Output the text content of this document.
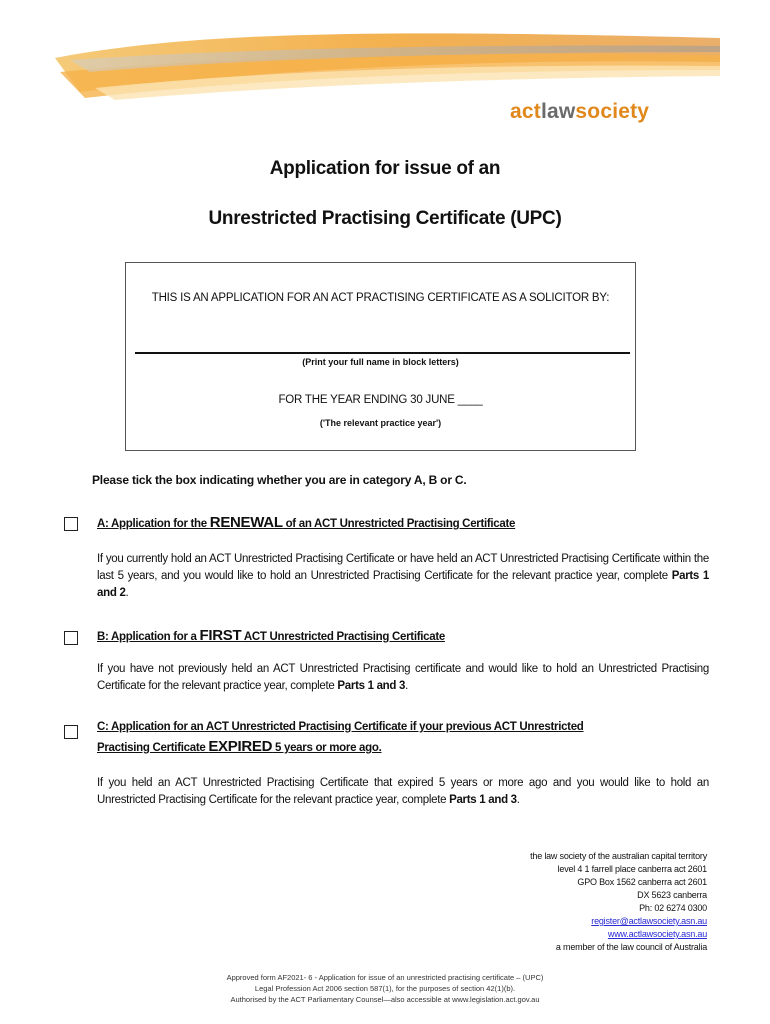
actlawsociety
Application for issue of an
Unrestricted Practising Certificate (UPC)
THIS IS AN APPLICATION FOR AN ACT PRACTISING CERTIFICATE AS A SOLICITOR BY:
(Print your full name in block letters)
FOR THE YEAR ENDING 30 JUNE ____
('The relevant practice year')
Please tick the box indicating whether you are in category A, B or C.
A: Application for the RENEWAL of an ACT Unrestricted Practising Certificate
If you currently hold an ACT Unrestricted Practising Certificate or have held an ACT Unrestricted Practising Certificate within the last 5 years, and you would like to hold an Unrestricted Practising Certificate for the relevant practice year, complete Parts 1 and 2.
B: Application for a FIRST ACT Unrestricted Practising Certificate
If you have not previously held an ACT Unrestricted Practising certificate and would like to hold an Unrestricted Practising Certificate for the relevant practice year, complete Parts 1 and 3.
C: Application for an ACT Unrestricted Practising Certificate if your previous ACT Unrestricted
Practising Certificate EXPIRED 5 years or more ago.
If you held an ACT Unrestricted Practising Certificate that expired 5 years or more ago and you would like to hold an Unrestricted Practising Certificate for the relevant practice year, complete Parts 1 and 3.
the law society of the australian capital territory
level 4 1 farrell place canberra act 2601
GPO Box 1562 canberra act 2601
DX 5623 canberra
Ph: 02 6274 0300
register@actlawsociety.asn.au
www.actlawsociety.asn.au
a member of the law council of Australia
Approved form AF2021- 6 - Application for issue of an unrestricted practising certificate – (UPC)
Legal Profession Act 2006 section 587(1), for the purposes of section 42(1)(b).
Authorised by the ACT Parliamentary Counsel—also accessible at www.legislation.act.gov.au
